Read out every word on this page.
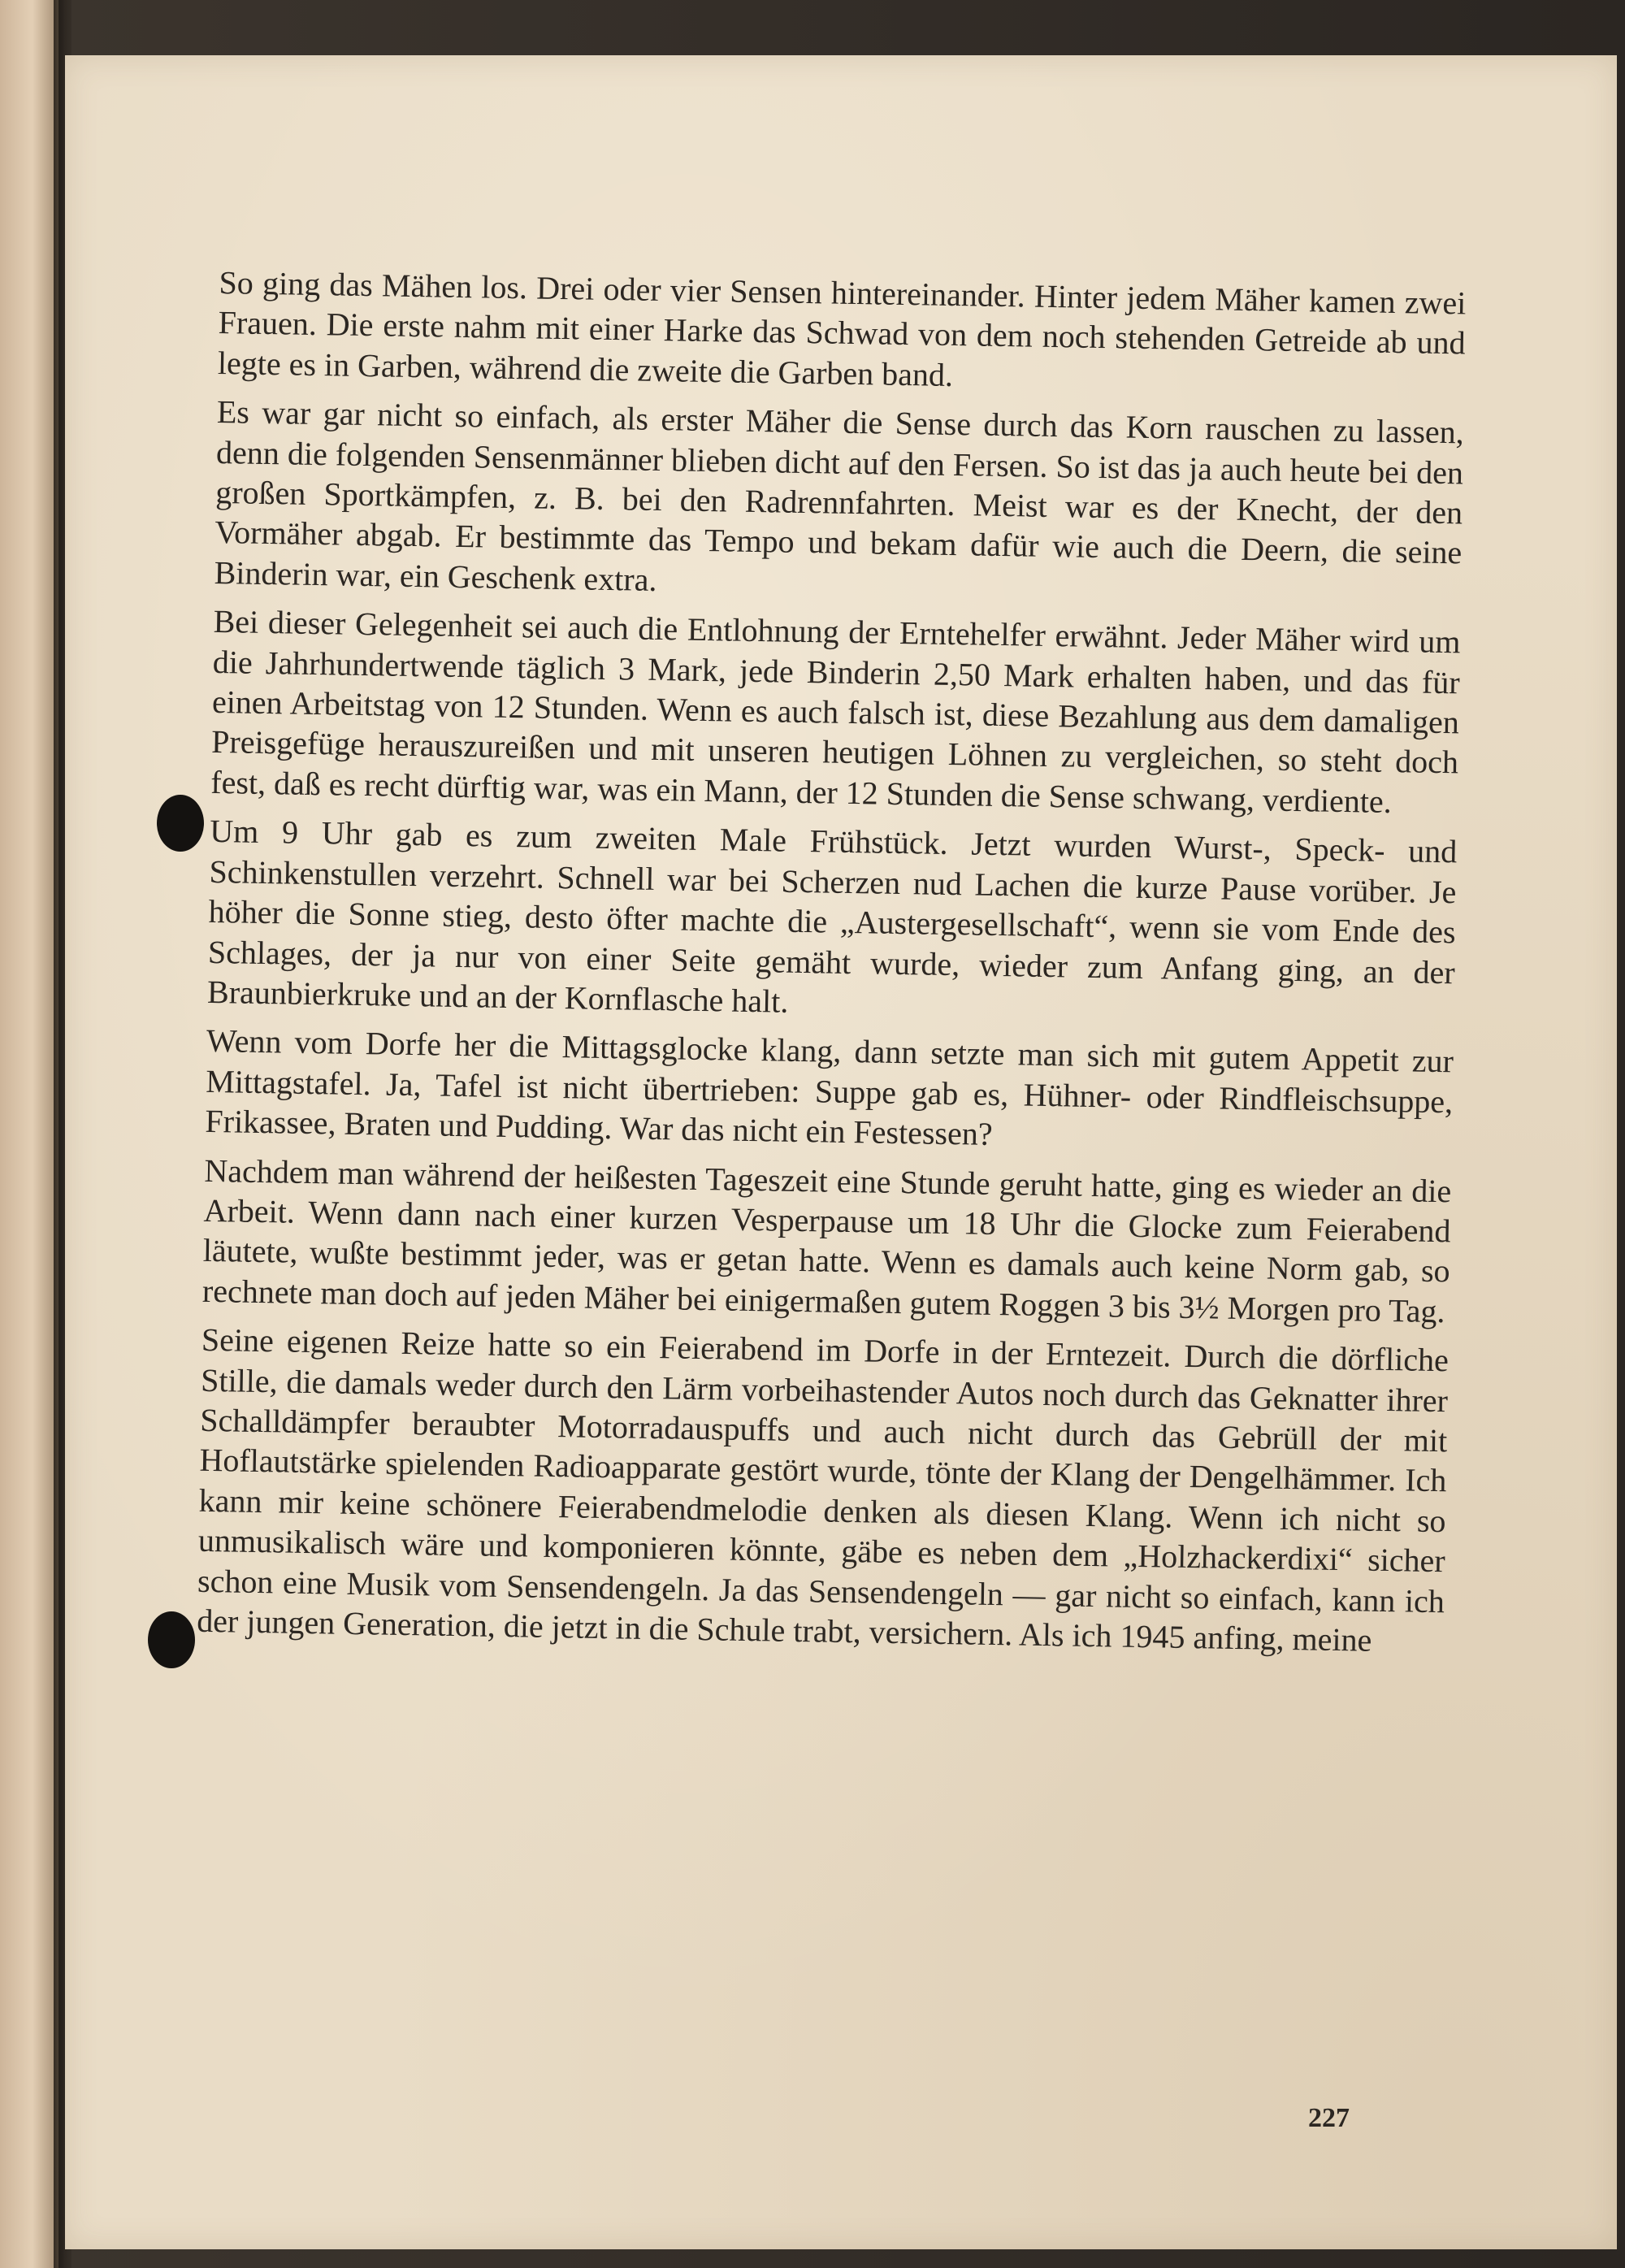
So ging das Mähen los. Drei oder vier Sensen hintereinander. Hinter jedem Mäher kamen zwei Frauen. Die erste nahm mit einer Harke das Schwad von dem noch stehenden Getreide ab und legte es in Garben, während die zweite die Garben band.

Es war gar nicht so einfach, als erster Mäher die Sense durch das Korn rauschen zu lassen, denn die folgenden Sensenmänner blieben dicht auf den Fersen. So ist das ja auch heute bei den großen Sportkämpfen, z. B. bei den Radrennfahrten. Meist war es der Knecht, der den Vormäher abgab. Er bestimmte das Tempo und bekam dafür wie auch die Deern, die seine Binderin war, ein Geschenk extra.

Bei dieser Gelegenheit sei auch die Entlohnung der Erntehelfer erwähnt. Jeder Mäher wird um die Jahrhundertwende täglich 3 Mark, jede Binderin 2,50 Mark erhalten haben, und das für einen Arbeitstag von 12 Stunden. Wenn es auch falsch ist, diese Bezahlung aus dem damaligen Preisgefüge herauszureißen und mit unseren heutigen Löhnen zu vergleichen, so steht doch fest, daß es recht dürftig war, was ein Mann, der 12 Stunden die Sense schwang, verdiente.

Um 9 Uhr gab es zum zweiten Male Frühstück. Jetzt wurden Wurst-, Speck- und Schinkenstullen verzehrt. Schnell war bei Scherzen nud Lachen die kurze Pause vorüber. Je höher die Sonne stieg, desto öfter machte die „Austergesellschaft“, wenn sie vom Ende des Schlages, der ja nur von einer Seite gemäht wurde, wieder zum Anfang ging, an der Braunbierkruke und an der Kornflasche halt.

Wenn vom Dorfe her die Mittagsglocke klang, dann setzte man sich mit gutem Appetit zur Mittagstafel. Ja, Tafel ist nicht übertrieben: Suppe gab es, Hühner- oder Rindfleischsuppe, Frikassee, Braten und Pudding. War das nicht ein Festessen?

Nachdem man während der heißesten Tageszeit eine Stunde geruht hatte, ging es wieder an die Arbeit. Wenn dann nach einer kurzen Vesperpause um 18 Uhr die Glocke zum Feierabend läutete, wußte bestimmt jeder, was er getan hatte. Wenn es damals auch keine Norm gab, so rechnete man doch auf jeden Mäher bei einigermaßen gutem Roggen 3 bis 3½ Morgen pro Tag.

Seine eigenen Reize hatte so ein Feierabend im Dorfe in der Erntezeit. Durch die dörfliche Stille, die damals weder durch den Lärm vorbeihastender Autos noch durch das Geknatter ihrer Schalldämpfer beraubter Motorradauspuffs und auch nicht durch das Gebrüll der mit Hoflautstärke spielenden Radioapparate gestört wurde, tönte der Klang der Dengelhämmer. Ich kann mir keine schönere Feierabendmelodie denken als diesen Klang. Wenn ich nicht so unmusikalisch wäre und komponieren könnte, gäbe es neben dem „Holzhackerdixi“ sicher schon eine Musik vom Sensendengeln. Ja das Sensendengeln — gar nicht so einfach, kann ich der jungen Generation, die jetzt in die Schule trabt, versichern. Als ich 1945 anfing, meine

227
